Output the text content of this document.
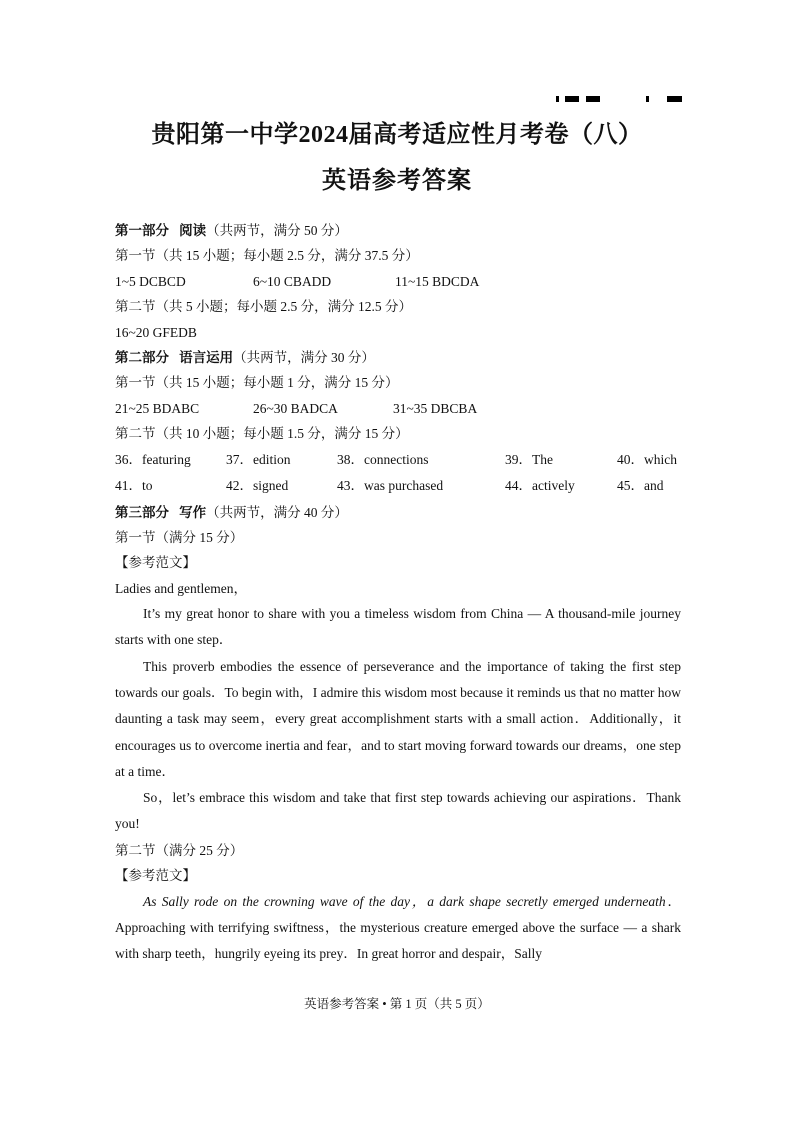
贵阳第一中学2024届高考适应性月考卷（八）
英语参考答案
第一部分 阅读（共两节，满分 50 分）
第一节（共 15 小题；每小题 2.5 分，满分 37.5 分）
1~5 DCBCD	6~10 CBADD	11~15 BDCDA
第二节（共 5 小题；每小题 2.5 分，满分 12.5 分）
16~20 GFEDB
第二部分 语言运用（共两节，满分 30 分）
第一节（共 15 小题；每小题 1 分，满分 15 分）
21~25 BDABC	26~30 BADCA	31~35 DBCBA
第二节（共 10 小题；每小题 1.5 分，满分 15 分）
36．featuring	37．edition	38．connections	39．The	40．which
41．to	42．signed	43．was purchased	44．actively	45．and
第三部分 写作（共两节，满分 40 分）
第一节（满分 15 分）
【参考范文】
Ladies and gentlemen，

It’s my great honor to share with you a timeless wisdom from China — A thousand-mile journey starts with one step．

This proverb embodies the essence of perseverance and the importance of taking the first step towards our goals．To begin with，I admire this wisdom most because it reminds us that no matter how daunting a task may seem，every great accomplishment starts with a small action．Additionally，it encourages us to overcome inertia and fear，and to start moving forward towards our dreams，one step at a time．

So，let’s embrace this wisdom and take that first step towards achieving our aspirations．Thank you!

第二节（满分 25 分）
【参考范文】

As Sally rode on the crowning wave of the day，a dark shape secretly emerged underneath．Approaching with terrifying swiftness，the mysterious creature emerged above the surface — a shark with sharp teeth，hungrily eyeing its prey．In great horror and despair，Sally

英语参考答案 • 第 1 页（共 5 页）
